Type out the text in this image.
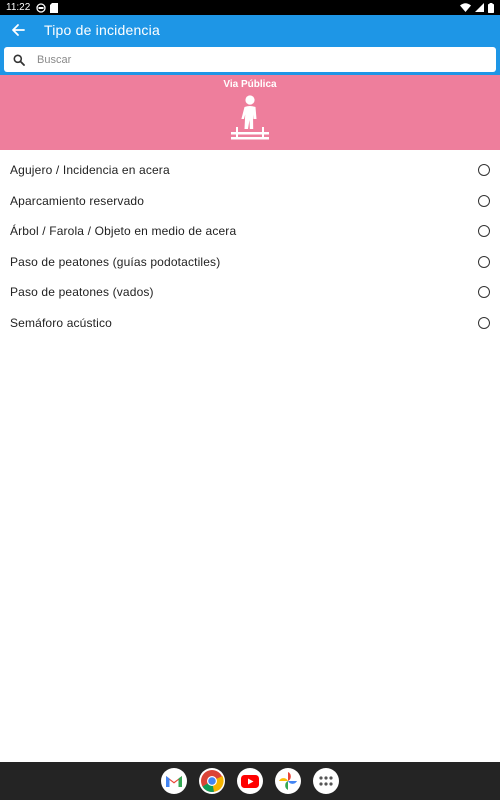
11:22
Tipo de incidencia
Buscar
Via Pública
Agujero / Incidencia en acera
Aparcamiento reservado
Árbol / Farola / Objeto en medio de acera
Paso de peatones (guías podotactiles)
Paso de peatones (vados)
Semáforo acústico
